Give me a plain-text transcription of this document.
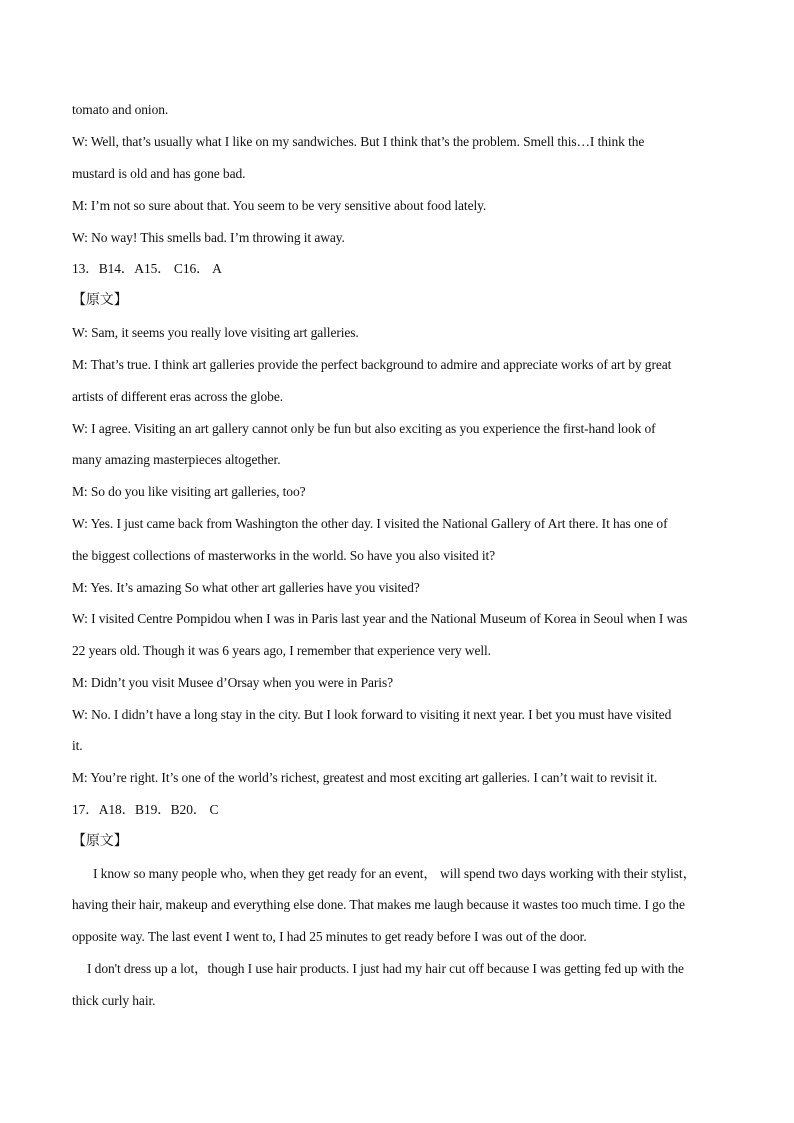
tomato and onion.
W: Well, that’s usually what I like on my sandwiches. But I think that’s the problem. Smell this…I think the
mustard is old and has gone bad.
M: I’m not so sure about that. You seem to be very sensitive about food lately.
W: No way! This smells bad. I’m throwing it away.
13．B14．A15． C16． A
【原文】
W: Sam, it seems you really love visiting art galleries.
M: That’s true. I think art galleries provide the perfect background to admire and appreciate works of art by great
artists of different eras across the globe.
W: I agree. Visiting an art gallery cannot only be fun but also exciting as you experience the first-hand look of
many amazing masterpieces altogether.
M: So do you like visiting art galleries, too?
W: Yes. I just came back from Washington the other day. I visited the National Gallery of Art there. It has one of
the biggest collections of masterworks in the world. So have you also visited it?
M: Yes. It’s amazing So what other art galleries have you visited?
W: I visited Centre Pompidou when I was in Paris last year and the National Museum of Korea in Seoul when I was
22 years old. Though it was 6 years ago, I remember that experience very well.
M: Didn’t you visit Musee d’Orsay when you were in Paris?
W: No. I didn’t have a long stay in the city. But I look forward to visiting it next year. I bet you must have visited
it.
M: You’re right. It’s one of the world’s richest, greatest and most exciting art galleries. I can’t wait to revisit it.
17．A18．B19．B20． C
【原文】
I know so many people who, when they get ready for an event， will spend two days working with their stylist，
having their hair, makeup and everything else done. That makes me laugh because it wastes too much time. I go the
opposite way. The last event I went to, I had 25 minutes to get ready before I was out of the door.
I don't dress up a lot，though I use hair products. I just had my hair cut off because I was getting fed up with the
thick curly hair.
